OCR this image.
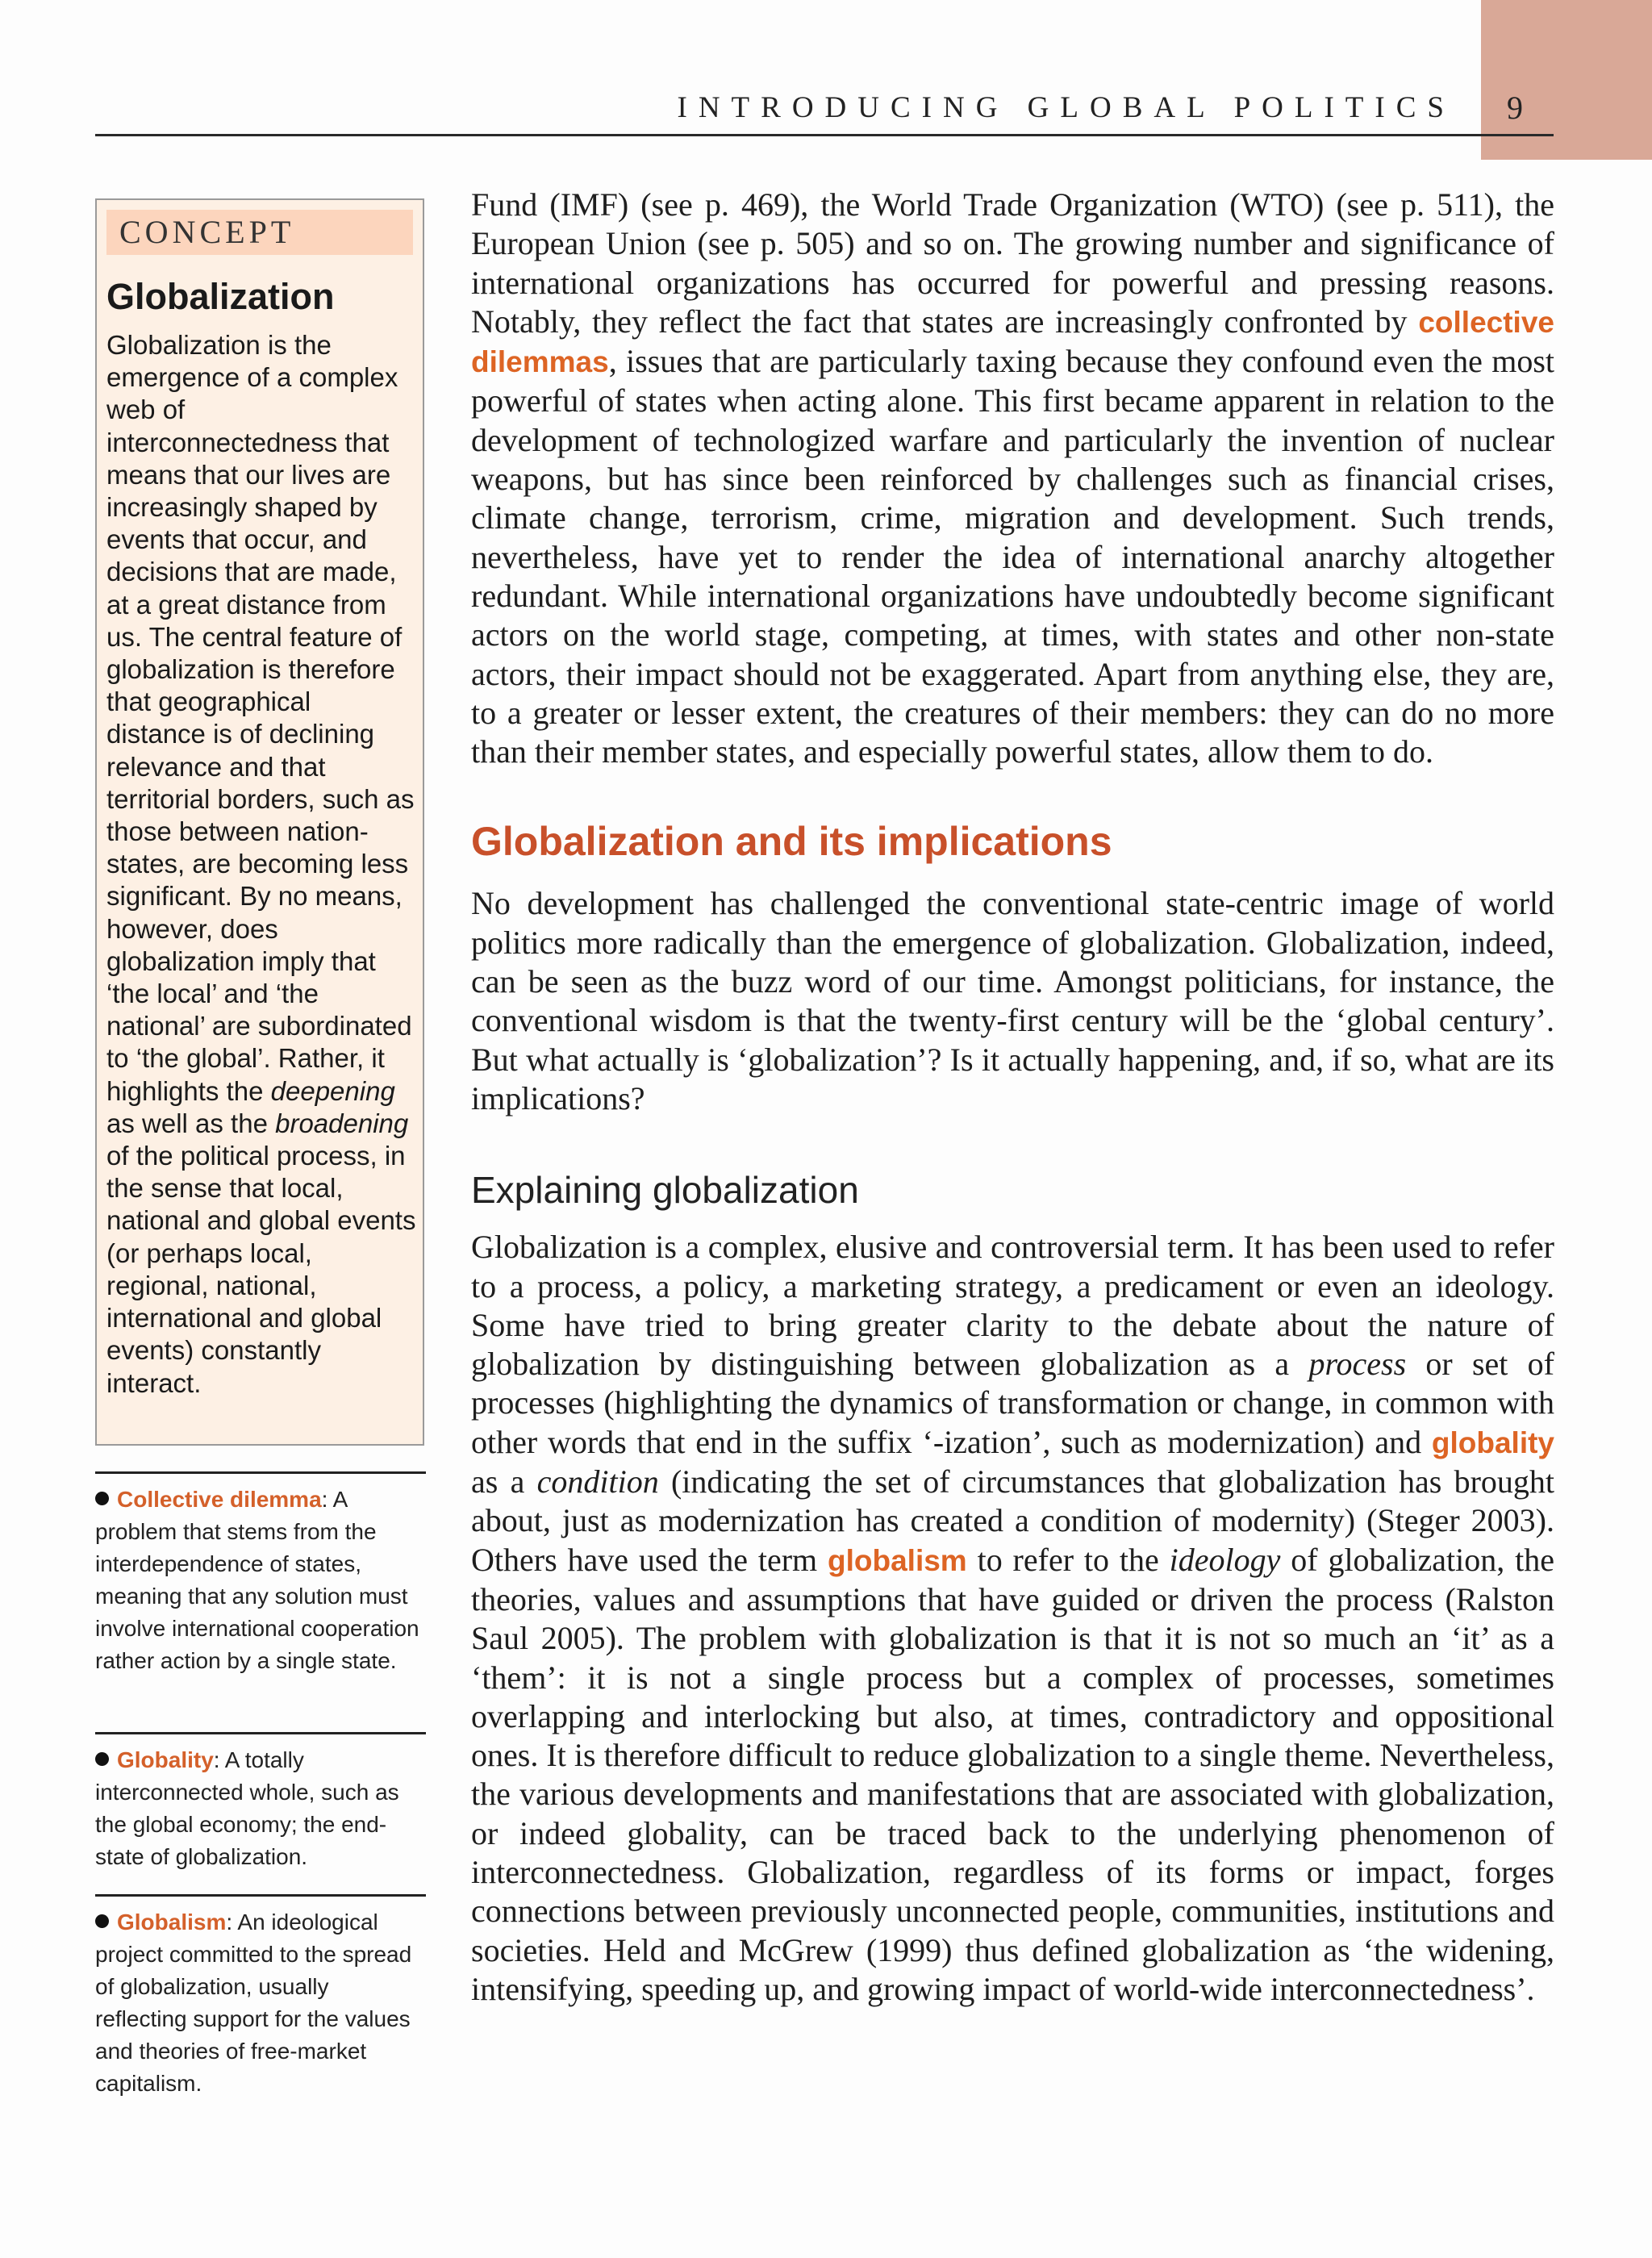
INTRODUCING GLOBAL POLITICS 9
CONCEPT
Globalization

Globalization is the emergence of a complex web of interconnectedness that means that our lives are increasingly shaped by events that occur, and decisions that are made, at a great distance from us. The central feature of globalization is therefore that geographical distance is of declining relevance and that territorial borders, such as those between nation-states, are becoming less significant. By no means, however, does globalization imply that ‘the local’ and ‘the national’ are subordinated to ‘the global’. Rather, it highlights the deepening as well as the broadening of the political process, in the sense that local, national and global events (or perhaps local, regional, national, international and global events) constantly interact.

Collective dilemma: A problem that stems from the interdependence of states, meaning that any solution must involve international cooperation rather action by a single state.
Globality: A totally interconnected whole, such as the global economy; the end-state of globalization.
Globalism: An ideological project committed to the spread of globalization, usually reflecting support for the values and theories of free-market capitalism.

Fund (IMF) (see p. 469), the World Trade Organization (WTO) (see p. 511), the European Union (see p. 505) and so on. The growing number and significance of international organizations has occurred for powerful and pressing reasons. Notably, they reflect the fact that states are increasingly confronted by collective dilemmas, issues that are particularly taxing because they confound even the most powerful of states when acting alone. This first became apparent in relation to the development of technologized warfare and particularly the invention of nuclear weapons, but has since been reinforced by challenges such as financial crises, climate change, terrorism, crime, migration and development. Such trends, nevertheless, have yet to render the idea of international anarchy altogether redundant. While international organizations have undoubtedly become significant actors on the world stage, competing, at times, with states and other non-state actors, their impact should not be exaggerated. Apart from anything else, they are, to a greater or lesser extent, the creatures of their members: they can do no more than their member states, and especially powerful states, allow them to do.

Globalization and its implications

No development has challenged the conventional state-centric image of world politics more radically than the emergence of globalization. Globalization, indeed, can be seen as the buzz word of our time. Amongst politicians, for instance, the conventional wisdom is that the twenty-first century will be the ‘global century’. But what actually is ‘globalization’? Is it actually happening, and, if so, what are its implications?

Explaining globalization

Globalization is a complex, elusive and controversial term. It has been used to refer to a process, a policy, a marketing strategy, a predicament or even an ideology. Some have tried to bring greater clarity to the debate about the nature of globalization by distinguishing between globalization as a process or set of processes (highlighting the dynamics of transformation or change, in common with other words that end in the suffix ‘-ization’, such as modernization) and globality as a condition (indicating the set of circumstances that globalization has brought about, just as modernization has created a condition of modernity) (Steger 2003). Others have used the term globalism to refer to the ideology of globalization, the theories, values and assumptions that have guided or driven the process (Ralston Saul 2005). The problem with globalization is that it is not so much an ‘it’ as a ‘them’: it is not a single process but a complex of processes, sometimes overlapping and interlocking but also, at times, contradictory and oppositional ones. It is therefore difficult to reduce globalization to a single theme. Nevertheless, the various developments and manifestations that are associated with globalization, or indeed globality, can be traced back to the underlying phenomenon of interconnectedness. Globalization, regardless of its forms or impact, forges connections between previously unconnected people, communities, institutions and societies. Held and McGrew (1999) thus defined globalization as ‘the widening, intensifying, speeding up, and growing impact of world-wide interconnectedness’.
